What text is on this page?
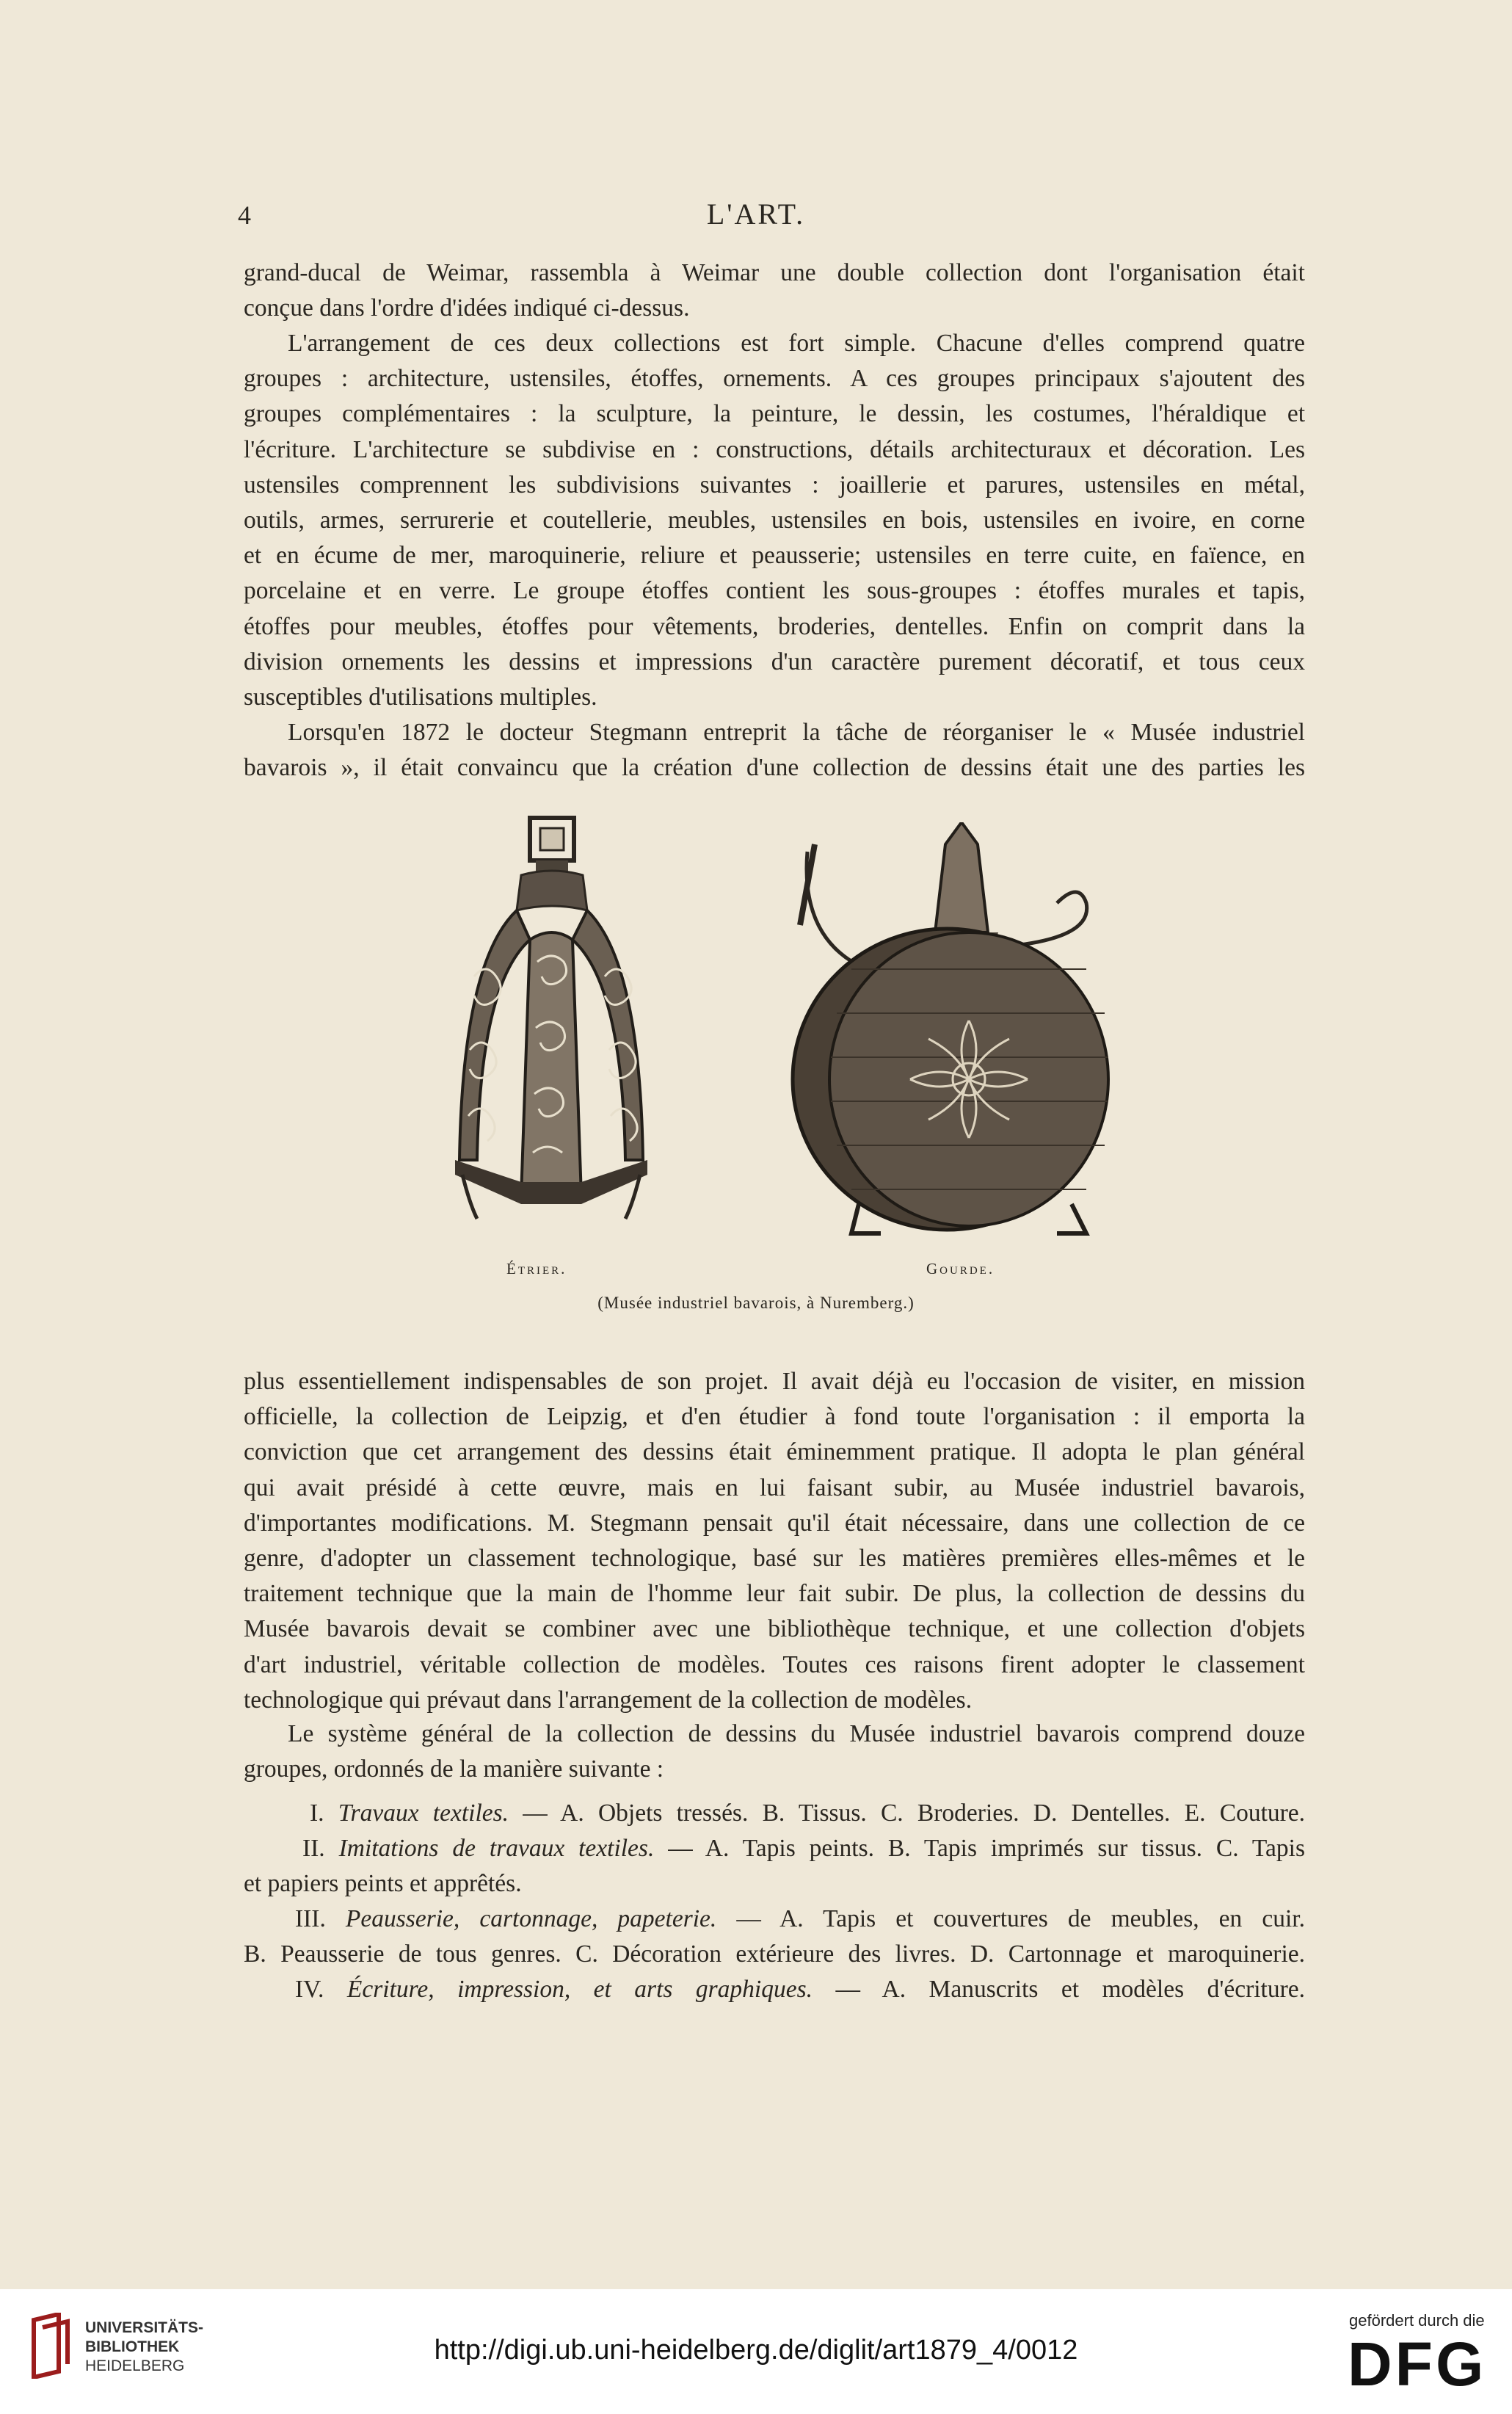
4	L'ART.

grand-ducal de Weimar, rassembla à Weimar une double collection dont l'organisation était
conçue dans l'ordre d'idées indiqué ci-dessus.

L'arrangement de ces deux collections est fort simple. Chacune d'elles comprend quatre
groupes : architecture, ustensiles, étoffes, ornements. A ces groupes principaux s'ajoutent des
groupes complémentaires : la sculpture, la peinture, le dessin, les costumes, l'héraldique et
l'écriture. L'architecture se subdivise en : constructions, détails architecturaux et décoration. Les
ustensiles comprennent les subdivisions suivantes : joaillerie et parures, ustensiles en métal,
outils, armes, serrurerie et coutellerie, meubles, ustensiles en bois, ustensiles en ivoire, en corne
et en écume de mer, maroquinerie, reliure et peausserie; ustensiles en terre cuite, en faïence, en
porcelaine et en verre. Le groupe étoffes contient les sous-groupes : étoffes murales et tapis,
étoffes pour meubles, étoffes pour vêtements, broderies, dentelles. Enfin on comprit dans la
division ornements les dessins et impressions d'un caractère purement décoratif, et tous ceux
susceptibles d'utilisations multiples.

Lorsqu'en 1872 le docteur Stegmann entreprit la tâche de réorganiser le « Musée industriel
bavarois », il était convaincu que la création d'une collection de dessins était une des parties les

Étrier.	Gourde.
(Musée industriel bavarois, à Nuremberg.)

plus essentiellement indispensables de son projet. Il avait déjà eu l'occasion de visiter, en mission
officielle, la collection de Leipzig, et d'en étudier à fond toute l'organisation : il emporta la
conviction que cet arrangement des dessins était éminemment pratique. Il adopta le plan général
qui avait présidé à cette œuvre, mais en lui faisant subir, au Musée industriel bavarois,
d'importantes modifications. M. Stegmann pensait qu'il était nécessaire, dans une collection de ce
genre, d'adopter un classement technologique, basé sur les matières premières elles-mêmes et le
traitement technique que la main de l'homme leur fait subir. De plus, la collection de dessins du
Musée bavarois devait se combiner avec une bibliothèque technique, et une collection d'objets
d'art industriel, véritable collection de modèles. Toutes ces raisons firent adopter le classement
technologique qui prévaut dans l'arrangement de la collection de modèles.

Le système général de la collection de dessins du Musée industriel bavarois comprend douze
groupes, ordonnés de la manière suivante :

I. Travaux textiles. — A. Objets tressés. B. Tissus. C. Broderies. D. Dentelles. E. Couture.
II. Imitations de travaux textiles. — A. Tapis peints. B. Tapis imprimés sur tissus. C. Tapis
et papiers peints et apprêtés.
III. Peausserie, cartonnage, papeterie. — A. Tapis et couvertures de meubles, en cuir.
B. Peausserie de tous genres. C. Décoration extérieure des livres. D. Cartonnage et maroquinerie.
IV. Écriture, impression, et arts graphiques. — A. Manuscrits et modèles d'écriture.
UNIVERSITÄTS-
BIBLIOTHEK
HEIDELBERG
http://digi.ub.uni-heidelberg.de/diglit/art1879_4/0012
gefördert durch die
DFG
